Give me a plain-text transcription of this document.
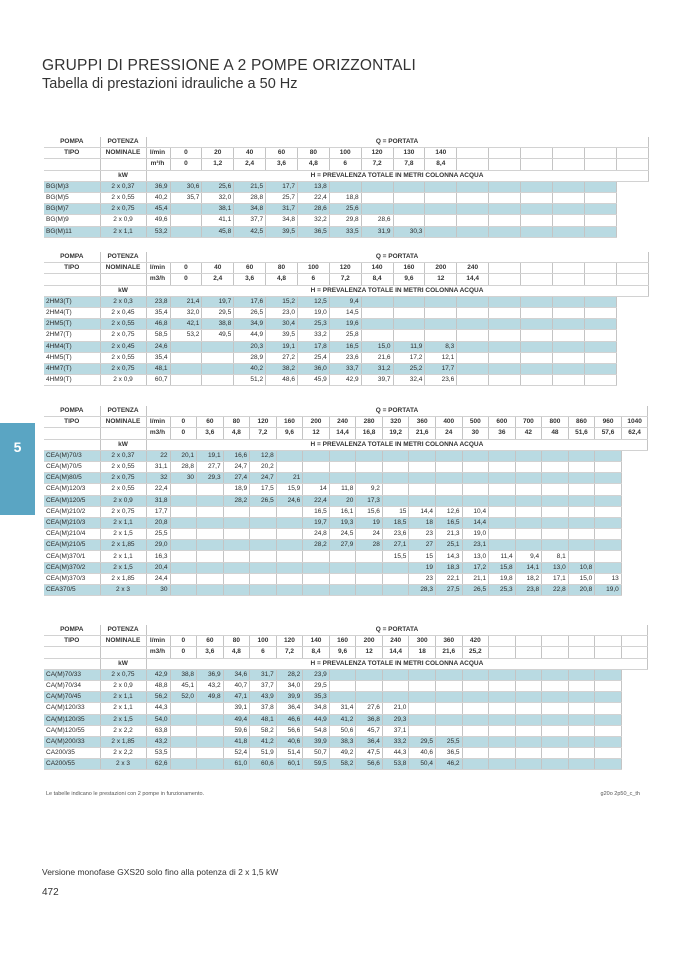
GRUPPI DI PRESSIONE A 2 POMPE ORIZZONTALI
Tabella di prestazioni idrauliche a 50 Hz
5
POMPA	POTENZA	Q = PORTATA															
TIPO	NOMINALE	l/min	0	20	40	60	80	100	120	130	140						
		m³/h	0	1,2	2,4	3,6	4,8	6	7,2	7,8	8,4						
	kW	H = PREVALENZA TOTALE IN METRI COLONNA ACQUA															
BG(M)3	2 x 0,37	36,9	30,6	25,6	21,5	17,7	13,8										
BG(M)5	2 x 0,55	40,2	35,7	32,0	28,8	25,7	22,4	18,8									
BG(M)7	2 x 0,75	45,4		38,1	34,8	31,7	28,6	25,6									
BG(M)9	2 x 0,9	49,6		41,1	37,7	34,8	32,2	29,8	28,6								
BG(M)11	2 x 1,1	53,2		45,8	42,5	39,5	36,5	33,5	31,9	30,3							
POMPA	POTENZA	Q = PORTATA															
TIPO	NOMINALE	l/min	0	40	60	80	100	120	140	160	200	240					
		m3/h	0	2,4	3,6	4,8	6	7,2	8,4	9,6	12	14,4					
	kW	H = PREVALENZA TOTALE IN METRI COLONNA ACQUA															
2HM3(T)	2 x 0,3	23,8	21,4	19,7	17,6	15,2	12,5	9,4									
2HM4(T)	2 x 0,45	35,4	32,0	29,5	26,5	23,0	19,0	14,5									
2HM5(T)	2 x 0,55	46,8	42,1	38,8	34,9	30,4	25,3	19,6									
2HM7(T)	2 x 0,75	58,5	53,2	49,5	44,9	39,5	33,2	25,8									
4HM4(T)	2 x 0,45	24,6			20,3	19,1	17,8	16,5	15,0	11,9	8,3						
4HM5(T)	2 x 0,55	35,4			28,9	27,2	25,4	23,6	21,6	17,2	12,1						
4HM7(T)	2 x 0,75	48,1			40,2	38,2	36,0	33,7	31,2	25,2	17,7						
4HM9(T)	2 x 0,9	60,7			51,2	48,6	45,9	42,9	39,7	32,4	23,6						
POMPA	POTENZA	Q = PORTATA																		
TIPO	NOMINALE	l/min	0	60	80	120	160	200	240	280	320	360	400	500	600	700	800	860	960	1040
		m3/h	0	3,6	4,8	7,2	9,6	12	14,4	16,8	19,2	21,6	24	30	36	42	48	51,6	57,6	62,4
	kW	H = PREVALENZA TOTALE IN METRI COLONNA ACQUA																		
CEA(M)70/3	2 x 0,37	22	20,1	19,1	16,6	12,8														
CEA(M)70/5	2 x 0,55	31,1	28,8	27,7	24,7	20,2														
CEA(M)80/5	2 x 0,75	32	30	29,3	27,4	24,7	21													
CEA(M)120/3	2 x 0,55	22,4			18,9	17,5	15,9	14	11,8	9,2										
CEA(M)120/5	2 x 0,9	31,8			28,2	26,5	24,6	22,4	20	17,3										
CEA(M)210/2	2 x 0,75	17,7						16,5	16,1	15,6	15	14,4	12,6	10,4						
CEA(M)210/3	2 x 1,1	20,8						19,7	19,3	19	18,5	18	16,5	14,4						
CEA(M)210/4	2 x 1,5	25,5						24,8	24,5	24	23,6	23	21,3	19,0						
CEA(M)210/5	2 x 1,85	29,0						28,2	27,9	28	27,1	27	25,1	23,1						
CEA(M)370/1	2 x 1,1	16,3									15,5	15	14,3	13,0	11,4	9,4	8,1			
CEA(M)370/2	2 x 1,5	20,4										19	18,3	17,2	15,8	14,1	13,0	10,8		
CEA(M)370/3	2 x 1,85	24,4										23	22,1	21,1	19,8	18,2	17,1	15,0	13	
CEA370/5	2 x 3	30										28,3	27,5	26,5	25,3	23,8	22,8	20,8	19,0	
POMPA	POTENZA	Q = PORTATA																		
TIPO	NOMINALE	l/min	0	60	80	100	120	140	160	200	240	300	360	420						
		m3/h	0	3,6	4,8	6	7,2	8,4	9,6	12	14,4	18	21,6	25,2						
	kW	H = PREVALENZA TOTALE IN METRI COLONNA ACQUA																		
CA(M)70/33	2 x 0,75	42,9	38,8	36,9	34,6	31,7	28,2	23,9												
CA(M)70/34	2 x 0,9	48,8	45,1	43,2	40,7	37,7	34,0	29,5												
CA(M)70/45	2 x 1,1	56,2	52,0	49,8	47,1	43,9	39,9	35,3												
CA(M)120/33	2 x 1,1	44,3			39,1	37,8	36,4	34,8	31,4	27,6	21,0									
CA(M)120/35	2 x 1,5	54,0			49,4	48,1	46,6	44,9	41,2	36,8	29,3									
CA(M)120/55	2 x 2,2	63,8			59,6	58,2	56,6	54,8	50,6	45,7	37,1									
CA(M)200/33	2 x 1,85	43,2			41,8	41,2	40,6	39,9	38,3	36,4	33,2	29,5	25,5							
CA200/35	2 x 2,2	53,5			52,4	51,9	51,4	50,7	49,2	47,5	44,3	40,6	36,5							
CA200/55	2 x 3	62,6			61,0	60,6	60,1	59,5	58,2	56,6	53,8	50,4	46,2							
Le tabelle indicano le prestazioni con 2 pompe in funzionamento.	g20o 2p50_c_th
Versione monofase GXS20 solo fino alla potenza di 2 x 1,5 kW
472
